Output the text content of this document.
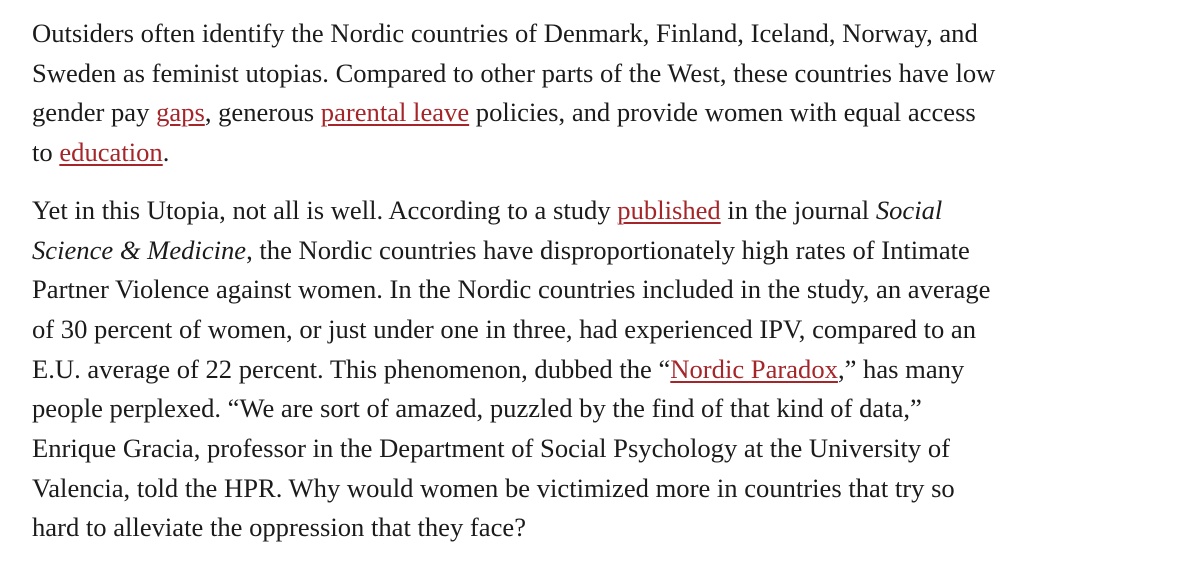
Outsiders often identify the Nordic countries of Denmark, Finland, Iceland, Norway, and
Sweden as feminist utopias. Compared to other parts of the West, these countries have low
gender pay gaps, generous parental leave policies, and provide women with equal access
to education.

Yet in this Utopia, not all is well. According to a study published in the journal Social
Science & Medicine, the Nordic countries have disproportionately high rates of Intimate
Partner Violence against women. In the Nordic countries included in the study, an average
of 30 percent of women, or just under one in three, had experienced IPV, compared to an
E.U. average of 22 percent. This phenomenon, dubbed the “Nordic Paradox,” has many
people perplexed. “We are sort of amazed, puzzled by the find of that kind of data,”
Enrique Gracia, professor in the Department of Social Psychology at the University of
Valencia, told the HPR. Why would women be victimized more in countries that try so
hard to alleviate the oppression that they face?
